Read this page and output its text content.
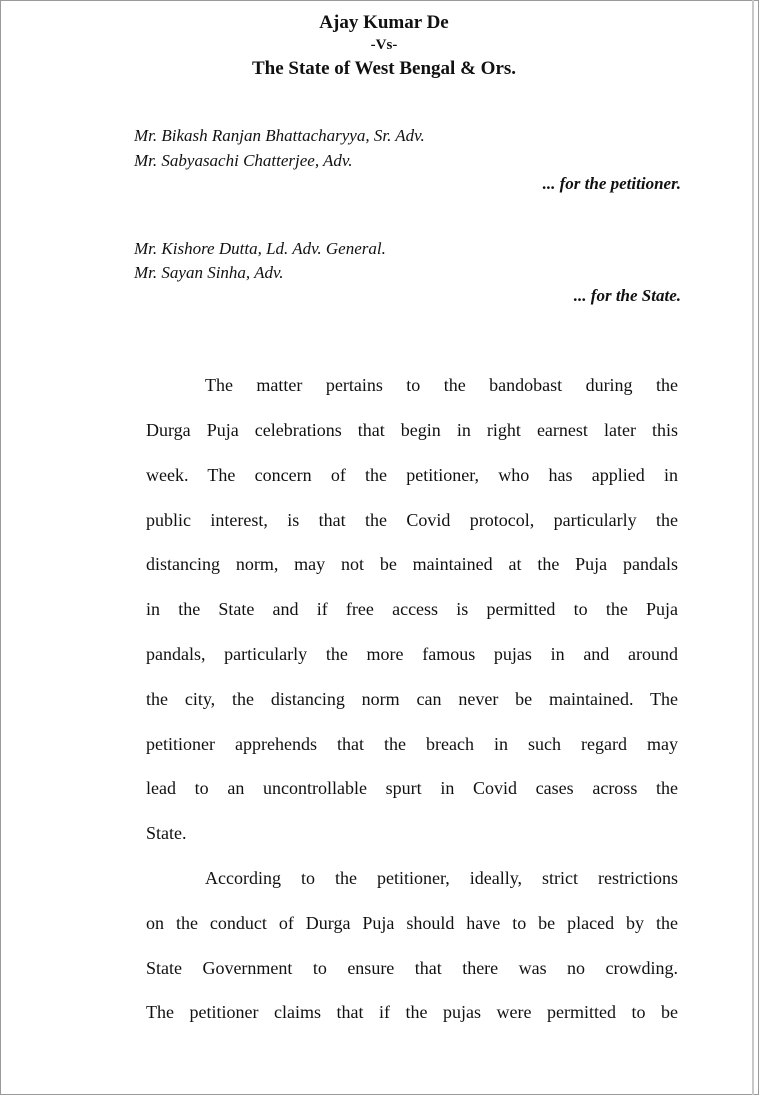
Ajay Kumar De
-Vs-
The State of West Bengal & Ors.
Mr. Bikash Ranjan Bhattacharyya, Sr. Adv.
Mr. Sabyasachi Chatterjee, Adv.
... for the petitioner.
Mr. Kishore Dutta, Ld. Adv. General.
Mr. Sayan Sinha, Adv.
... for the State.
The matter pertains to the bandobast during the
Durga Puja celebrations that begin in right earnest later this
week. The concern of the petitioner, who has applied in
public interest, is that the Covid protocol, particularly the
distancing norm, may not be maintained at the Puja pandals
in the State and if free access is permitted to the Puja
pandals, particularly the more famous pujas in and around
the city, the distancing norm can never be maintained. The
petitioner apprehends that the breach in such regard may
lead to an uncontrollable spurt in Covid cases across the
State.
According to the petitioner, ideally, strict restrictions
on the conduct of Durga Puja should have to be placed by the
State Government to ensure that there was no crowding.
The petitioner claims that if the pujas were permitted to be
